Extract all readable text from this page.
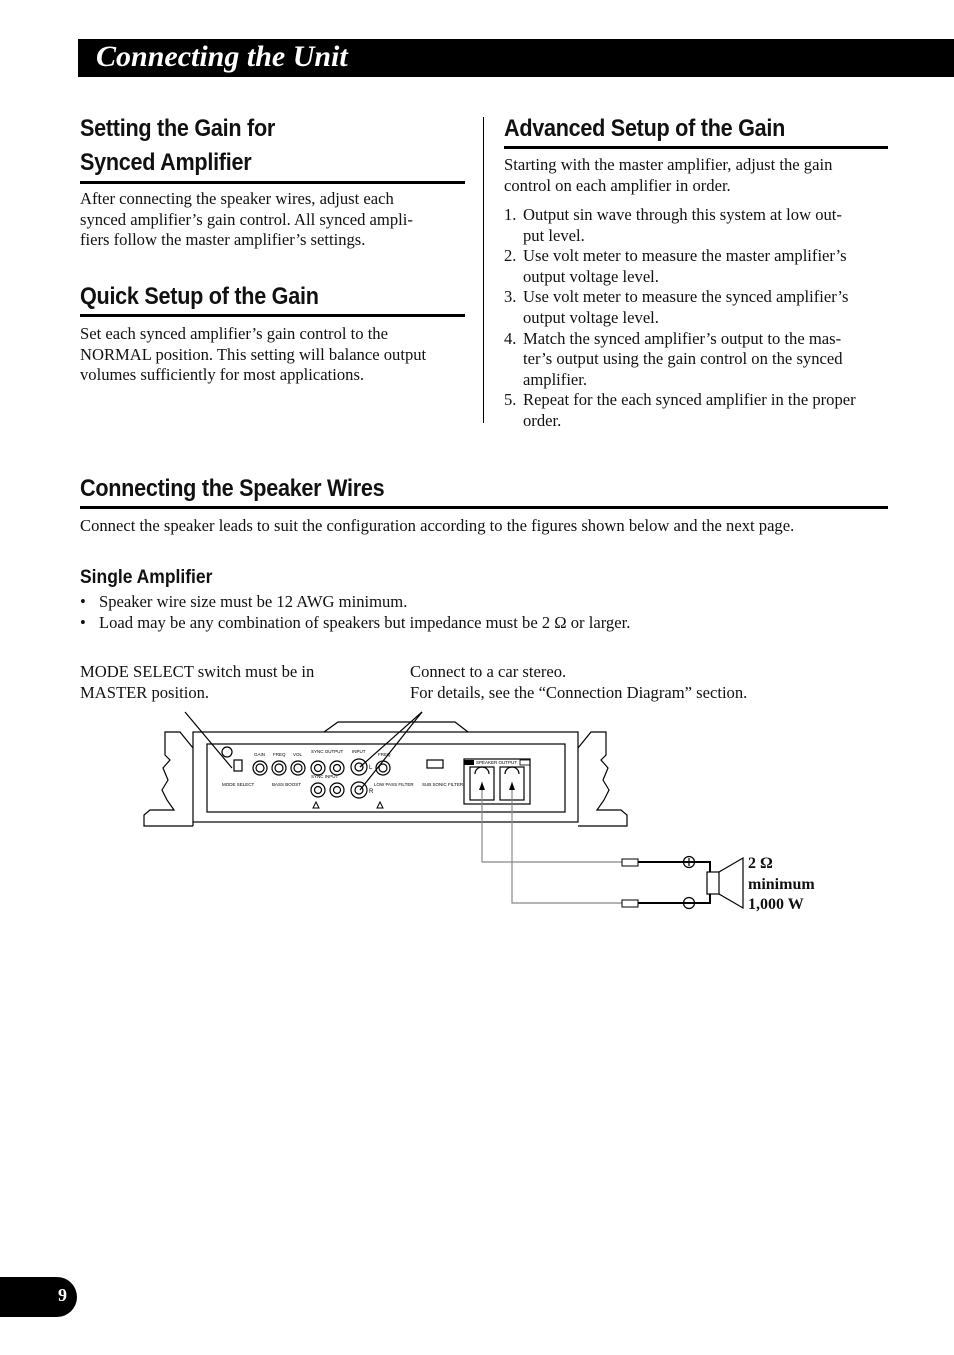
Connecting the Unit
Setting the Gain for
Synced Amplifier
After connecting the speaker wires, adjust each
synced amplifier’s gain control. All synced ampli-
fiers follow the master amplifier’s settings.
Quick Setup of the Gain
Set each synced amplifier’s gain control to the
NORMAL position. This setting will balance output
volumes sufficiently for most applications.
Advanced Setup of the Gain
Starting with the master amplifier, adjust the gain
control on each amplifier in order.
1. Output sin wave through this system at low out-
put level.
2. Use volt meter to measure the master amplifier’s
output voltage level.
3. Use volt meter to measure the synced amplifier’s
output voltage level.
4. Match the synced amplifier’s output to the mas-
ter’s output using the gain control on the synced
amplifier.
5. Repeat for the each synced amplifier in the proper
order.
Connecting the Speaker Wires
Connect the speaker leads to suit the configuration according to the figures shown below and the next page.
Single Amplifier
• Speaker wire size must be 12 AWG minimum.
• Load may be any combination of speakers but impedance must be 2 Ω or larger.
MODE SELECT switch must be in
MASTER position.
Connect to a car stereo.
For details, see the “Connection Diagram” section.
GAIN FREQ VOL
SYNC OUTPUT INPUT
FREQ
SYNC INPUT
MODE SELECT	BASS BOOST	LOW PASS FILTER SUB SONIC FILTER
SPEAKER OUTPUT
L
R
2 Ω
minimum
1,000 W
9
